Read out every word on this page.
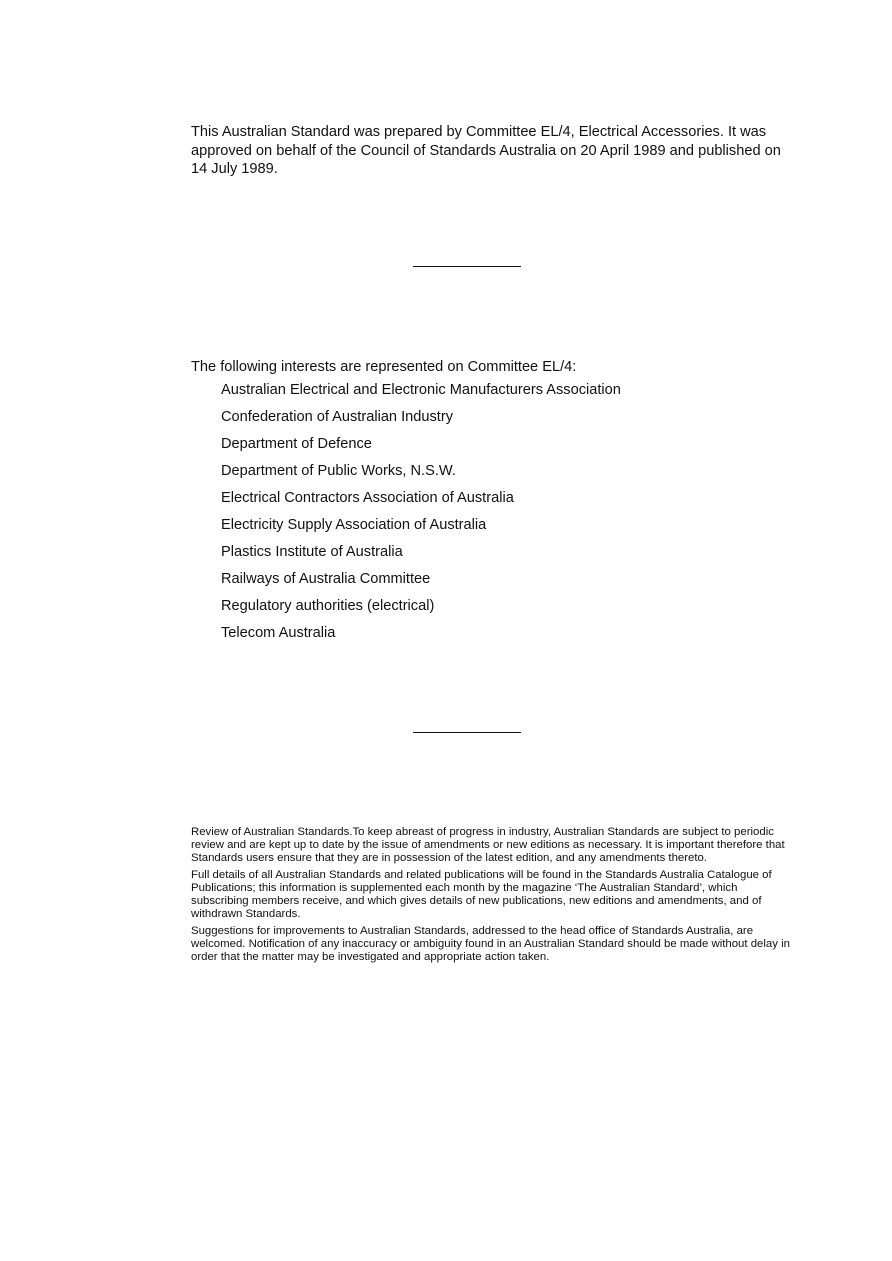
This Australian Standard was prepared by Committee EL/4, Electrical Accessories. It was approved on behalf of the Council of Standards Australia on 20 April 1989 and published on 14 July 1989.

The following interests are represented on Committee EL/4:

Australian Electrical and Electronic Manufacturers Association
Confederation of Australian Industry
Department of Defence
Department of Public Works, N.S.W.
Electrical Contractors Association of Australia
Electricity Supply Association of Australia
Plastics Institute of Australia
Railways of Australia Committee
Regulatory authorities (electrical)
Telecom Australia

Review of Australian Standards.To keep abreast of progress in industry, Australian Standards are subject to periodic review and are kept up to date by the issue of amendments or new editions as necessary. It is important therefore that Standards users ensure that they are in possession of the latest edition, and any amendments thereto.

Full details of all Australian Standards and related publications will be found in the Standards Australia Catalogue of Publications; this information is supplemented each month by the magazine ‘The Australian Standard’, which subscribing members receive, and which gives details of new publications, new editions and amendments, and of withdrawn Standards.

Suggestions for improvements to Australian Standards, addressed to the head office of Standards Australia, are welcomed. Notification of any inaccuracy or ambiguity found in an Australian Standard should be made without delay in order that the matter may be investigated and appropriate action taken.
